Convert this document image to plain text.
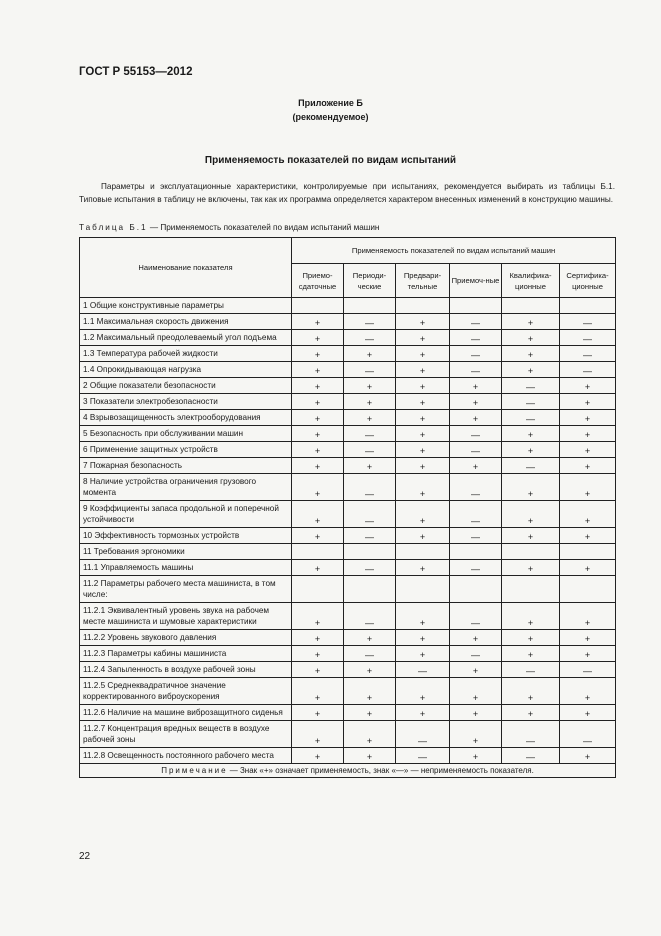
ГОСТ Р 55153—2012
Приложение Б
(рекомендуемое)
Применяемость показателей по видам испытаний

Параметры и эксплуатационные характеристики, контролируемые при испытаниях, рекомендуется выбирать из таблицы Б.1. Типовые испытания в таблицу не включены, так как их программа определяется характером внесенных изменений в конструкцию машины.

Таблица Б.1 — Применяемость показателей по видам испытаний машин
Наименование показателя	Применяемость показателей по видам испытаний машин					
	Приемо-сдаточные	Периоди-ческие	Предвари-тельные	Приемоч-ные	Квалифика-ционные	Сертифика-ционные
1 Общие конструктивные параметры						
1.1 Максимальная скорость движения	+	—	+	—	+	—
1.2 Максимальный преодолеваемый угол подъема	+	—	+	—	+	—
1.3 Температура рабочей жидкости	+	+	+	—	+	—
1.4 Опрокидывающая нагрузка	+	—	+	—	+	—
2 Общие показатели безопасности	+	+	+	+	—	+
3 Показатели электробезопасности	+	+	+	+	—	+
4 Взрывозащищенность электрооборудования	+	+	+	+	—	+
5 Безопасность при обслуживании машин	+	—	+	—	+	+
6 Применение защитных устройств	+	—	+	—	+	+
7 Пожарная безопасность	+	+	+	+	—	+
8 Наличие устройства ограничения грузового момента	+	—	+	—	+	+
9 Коэффициенты запаса продольной и поперечной устойчивости	+	—	+	—	+	+
10 Эффективность тормозных устройств	+	—	+	—	+	+
11 Требования эргономики						
11.1 Управляемость машины	+	—	+	—	+	+
11.2 Параметры рабочего места машиниста, в том числе:						
11.2.1 Эквивалентный уровень звука на рабочем месте машиниста и шумовые характеристики	+	—	+	—	+	+
11.2.2 Уровень звукового давления	+	+	+	+	+	+
11.2.3 Параметры кабины машиниста	+	—	+	—	+	+
11.2.4 Запыленность в воздухе рабочей зоны	+	+	—	+	—	—
11.2.5 Среднеквадратичное значение корректированного виброускорения	+	+	+	+	+	+
11.2.6 Наличие на машине виброзащитного сиденья	+	+	+	+	+	+
11.2.7 Концентрация вредных веществ в воздухе рабочей зоны	+	+	—	+	—	—
11.2.8 Освещенность постоянного рабочего места	+	+	—	+	—	+
Примечание — Знак «+» означает применяемость, знак «—» — неприменяемость показателя.						
22
